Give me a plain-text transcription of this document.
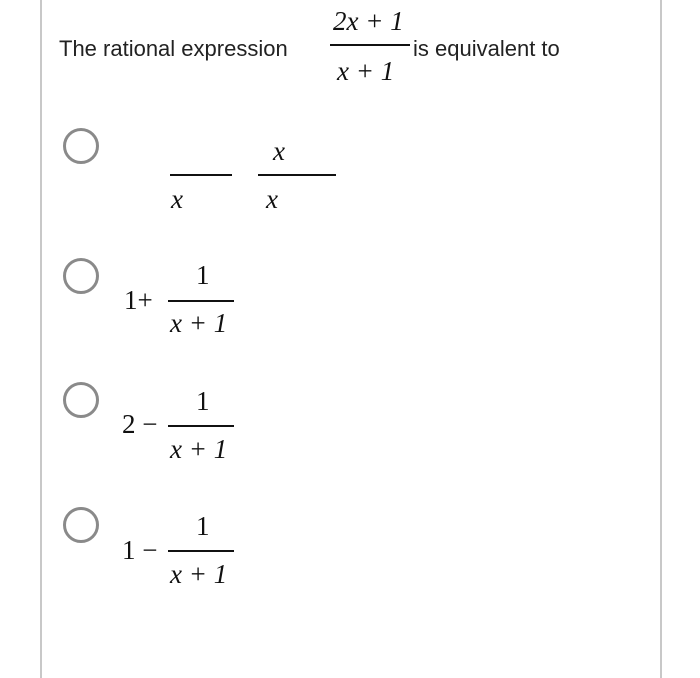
The rational expression
2x + 1
x + 1
is equivalent to
x
x
x
1+
1
x + 1
2 −
1
x + 1
1 −
1
x + 1
